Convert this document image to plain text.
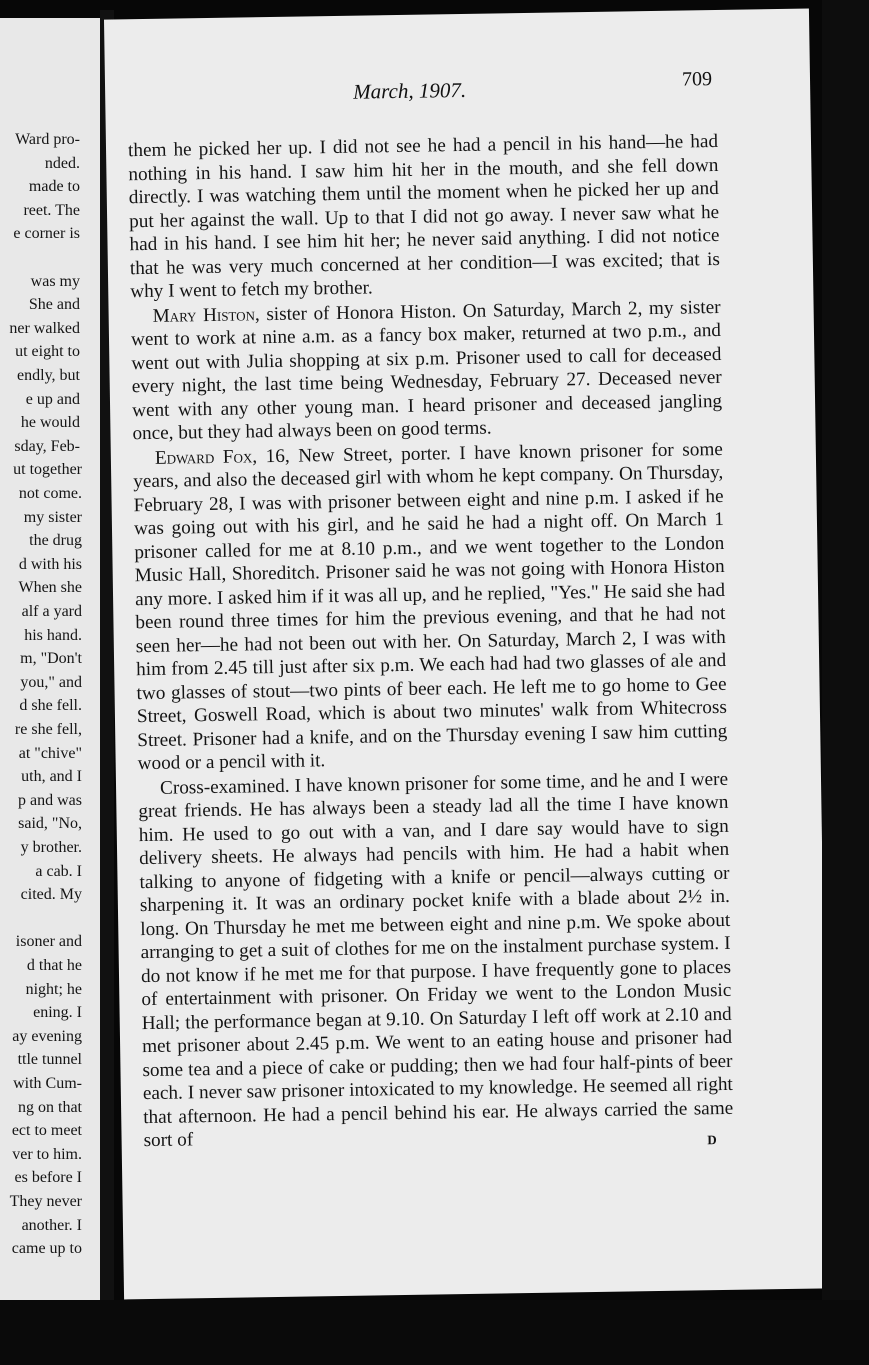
Ward pro-
nded.
made to
reet. The
e corner is
was my
She and
ner walked
ut eight to
endly, but
e up and
he would
sday, Feb-
ut together
not come.
my sister
the drug
d with his
When she
alf a yard
his hand.
m, "Don't
you," and
d she fell.
re she fell,
at "chive"
uth, and I
p and was
said, "No,
y brother.
a cab. I
cited. My
isoner and
d that he
night; he
ening. I
ay evening
ttle tunnel
with Cum-
ng on that
ect to meet
ver to him.
es before I
They never
another. I
came up to
March, 1907.	709

them he picked her up. I did not see he had a pencil in his hand—he had nothing in his hand. I saw him hit her in the mouth, and she fell down directly. I was watching them until the moment when he picked her up and put her against the wall. Up to that I did not go away. I never saw what he had in his hand. I see him hit her; he never said anything. I did not notice that he was very much concerned at her condition—I was excited; that is why I went to fetch my brother.

Mary Histon, sister of Honora Histon. On Saturday, March 2, my sister went to work at nine a.m. as a fancy box maker, returned at two p.m., and went out with Julia shopping at six p.m. Prisoner used to call for deceased every night, the last time being Wednesday, February 27. Deceased never went with any other young man. I heard prisoner and deceased jangling once, but they had always been on good terms.

Edward Fox, 16, New Street, porter. I have known prisoner for some years, and also the deceased girl with whom he kept company. On Thursday, February 28, I was with prisoner between eight and nine p.m. I asked if he was going out with his girl, and he said he had a night off. On March 1 prisoner called for me at 8.10 p.m., and we went together to the London Music Hall, Shoreditch. Prisoner said he was not going with Honora Histon any more. I asked him if it was all up, and he replied, "Yes." He said she had been round three times for him the previous evening, and that he had not seen her—he had not been out with her. On Saturday, March 2, I was with him from 2.45 till just after six p.m. We each had had two glasses of ale and two glasses of stout—two pints of beer each. He left me to go home to Gee Street, Goswell Road, which is about two minutes' walk from Whitecross Street. Prisoner had a knife, and on the Thursday evening I saw him cutting wood or a pencil with it.

Cross-examined. I have known prisoner for some time, and he and I were great friends. He has always been a steady lad all the time I have known him. He used to go out with a van, and I dare say would have to sign delivery sheets. He always had pencils with him. He had a habit when talking to anyone of fidgeting with a knife or pencil—always cutting or sharpening it. It was an ordinary pocket knife with a blade about 2½ in. long. On Thursday he met me between eight and nine p.m. We spoke about arranging to get a suit of clothes for me on the instalment purchase system. I do not know if he met me for that purpose. I have frequently gone to places of entertainment with prisoner. On Friday we went to the London Music Hall; the performance began at 9.10. On Saturday I left off work at 2.10 and met prisoner about 2.45 p.m. We went to an eating house and prisoner had some tea and a piece of cake or pudding; then we had four half-pints of beer each. I never saw prisoner intoxicated to my knowledge. He seemed all right that afternoon. He had a pencil behind his ear. He always carried the same sort of	D
